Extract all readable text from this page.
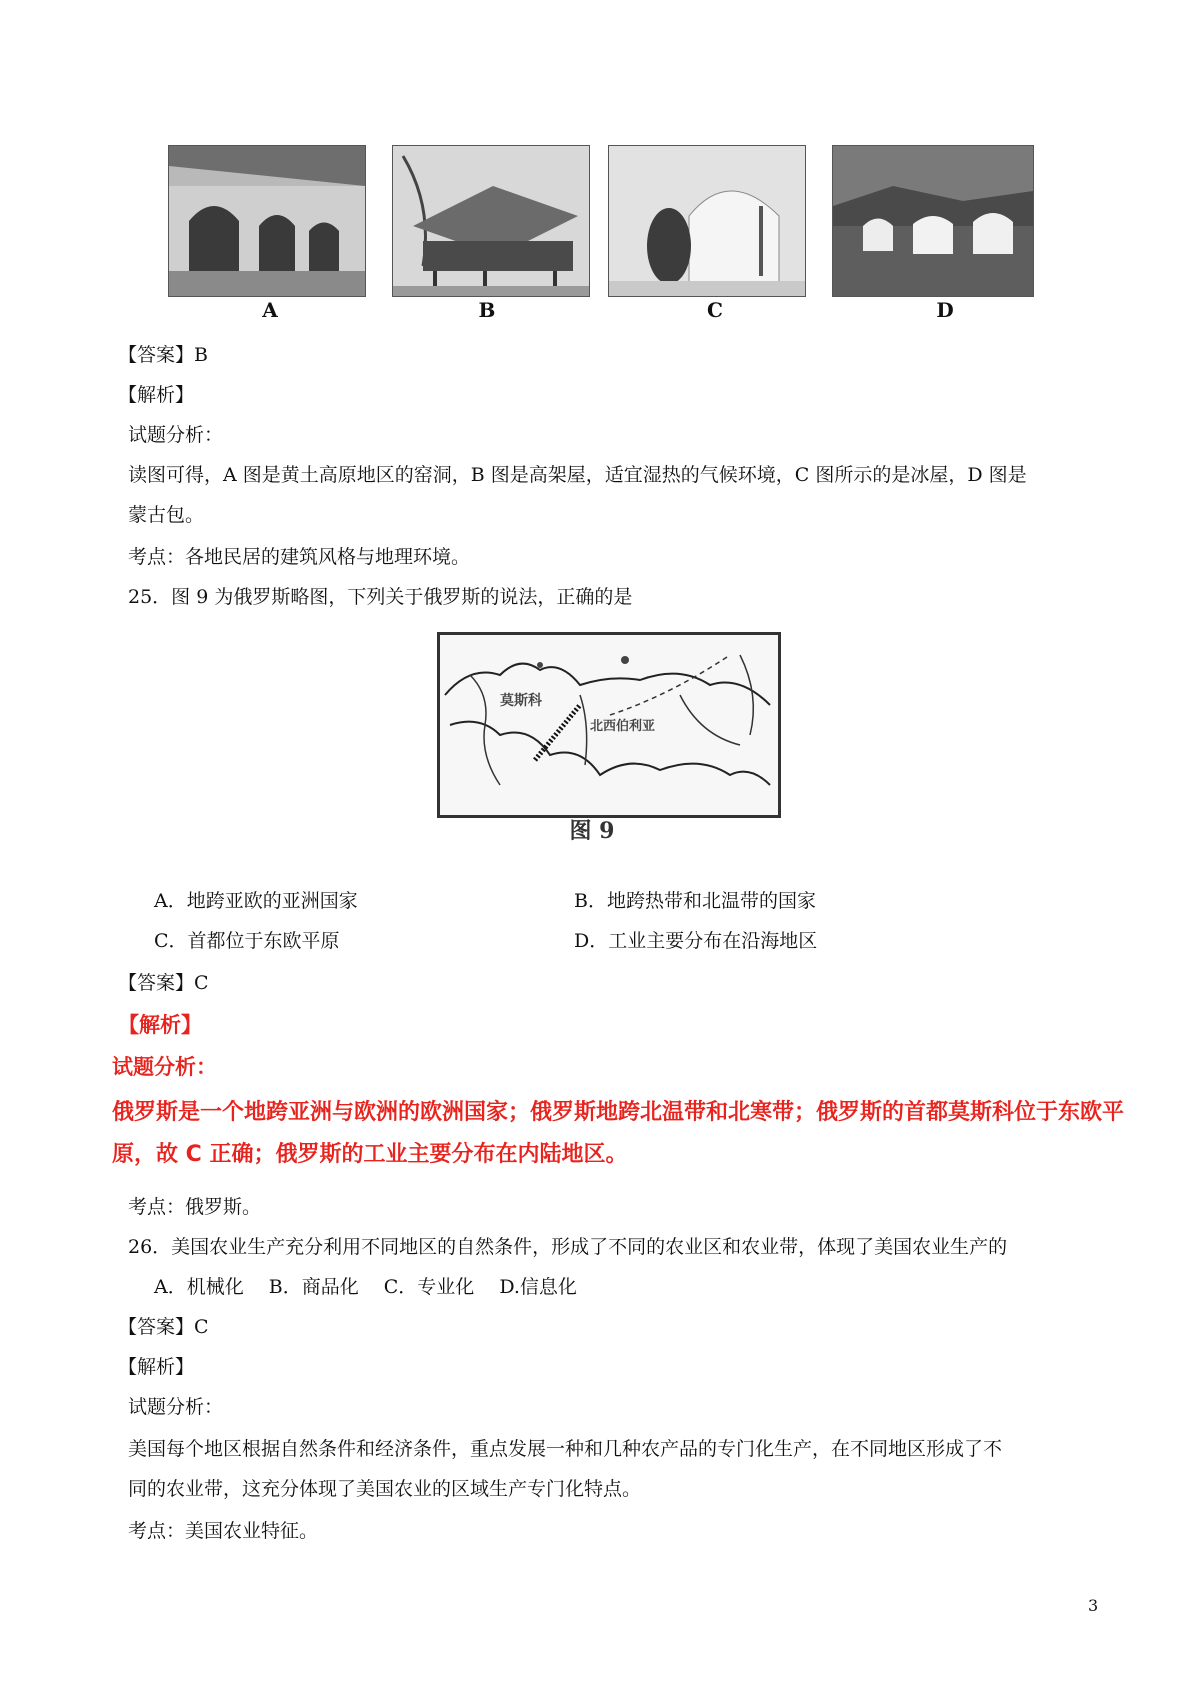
A	B	C	D
【答案】B
【解析】
试题分析：
读图可得，A 图是黄土高原地区的窑洞，B 图是高架屋，适宜湿热的气候环境，C 图所示的是冰屋，D 图是
蒙古包。
考点：各地民居的建筑风格与地理环境。
25．图 9 为俄罗斯略图，下列关于俄罗斯的说法，正确的是
莫斯科
北西伯利亚
图 9
A．地跨亚欧的亚洲国家	B．地跨热带和北温带的国家
C．首都位于东欧平原	D．工业主要分布在沿海地区
【答案】C
【解析】
试题分析：
俄罗斯是一个地跨亚洲与欧洲的欧洲国家；俄罗斯地跨北温带和北寒带；俄罗斯的首都莫斯科位于东欧平
原，故 C 正确；俄罗斯的工业主要分布在内陆地区。
考点：俄罗斯。
26．美国农业生产充分利用不同地区的自然条件，形成了不同的农业区和农业带，体现了美国农业生产的
A．机械化　 B．商品化　 C．专业化　 D.信息化
【答案】C
【解析】
试题分析：
美国每个地区根据自然条件和经济条件，重点发展一种和几种农产品的专门化生产，在不同地区形成了不
同的农业带，这充分体现了美国农业的区域生产专门化特点。
考点：美国农业特征。
3
